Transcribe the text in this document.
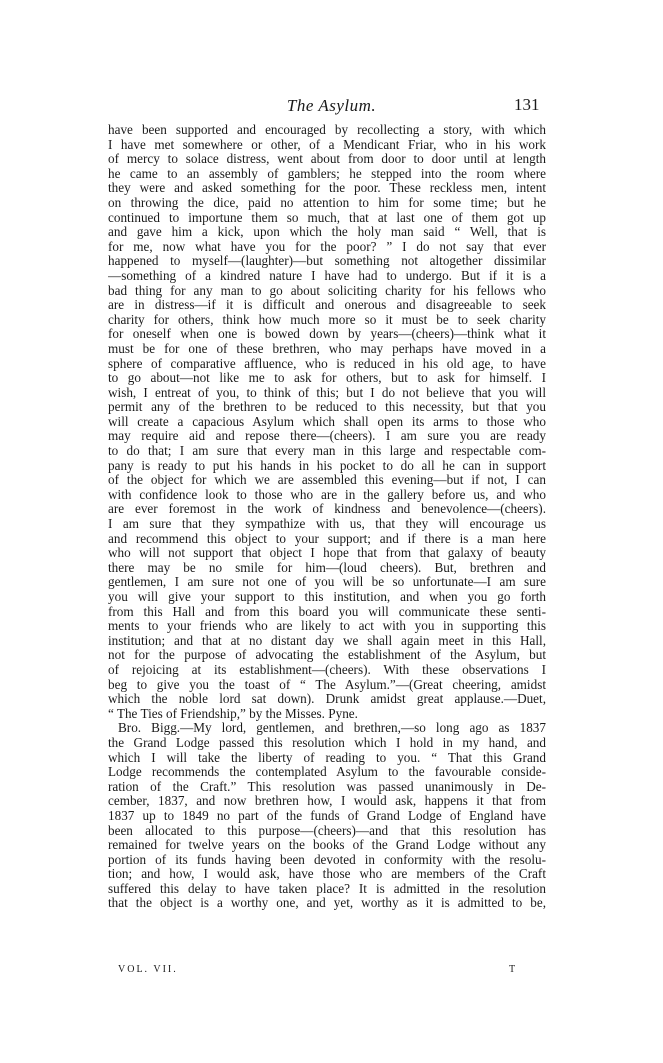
The Asylum.	131
have been supported and encouraged by recollecting a story, with which
I have met somewhere or other, of a Mendicant Friar, who in his work
of mercy to solace distress, went about from door to door until at length
he came to an assembly of gamblers; he stepped into the room where
they were and asked something for the poor. These reckless men, intent
on throwing the dice, paid no attention to him for some time; but he
continued to importune them so much, that at last one of them got up
and gave him a kick, upon which the holy man said “ Well, that is
for me, now what have you for the poor? ” I do not say that ever
happened to myself—(laughter)—but something not altogether dissimilar
—something of a kindred nature I have had to undergo. But if it is a
bad thing for any man to go about soliciting charity for his fellows who
are in distress—if it is difficult and onerous and disagreeable to seek
charity for others, think how much more so it must be to seek charity
for oneself when one is bowed down by years—(cheers)—think what it
must be for one of these brethren, who may perhaps have moved in a
sphere of comparative affluence, who is reduced in his old age, to have
to go about—not like me to ask for others, but to ask for himself. I
wish, I entreat of you, to think of this; but I do not believe that you will
permit any of the brethren to be reduced to this necessity, but that you
will create a capacious Asylum which shall open its arms to those who
may require aid and repose there—(cheers). I am sure you are ready
to do that; I am sure that every man in this large and respectable com-
pany is ready to put his hands in his pocket to do all he can in support
of the object for which we are assembled this evening—but if not, I can
with confidence look to those who are in the gallery before us, and who
are ever foremost in the work of kindness and benevolence—(cheers).
I am sure that they sympathize with us, that they will encourage us
and recommend this object to your support; and if there is a man here
who will not support that object I hope that from that galaxy of beauty
there may be no smile for him—(loud cheers). But, brethren and
gentlemen, I am sure not one of you will be so unfortunate—I am sure
you will give your support to this institution, and when you go forth
from this Hall and from this board you will communicate these senti-
ments to your friends who are likely to act with you in supporting this
institution; and that at no distant day we shall again meet in this Hall,
not for the purpose of advocating the establishment of the Asylum, but
of rejoicing at its establishment—(cheers). With these observations I
beg to give you the toast of “ The Asylum.”—(Great cheering, amidst
which the noble lord sat down). Drunk amidst great applause.—Duet,
“ The Ties of Friendship,” by the Misses. Pyne.
Bro. Bigg.—My lord, gentlemen, and brethren,—so long ago as 1837
the Grand Lodge passed this resolution which I hold in my hand, and
which I will take the liberty of reading to you. “ That this Grand
Lodge recommends the contemplated Asylum to the favourable conside-
ration of the Craft.” This resolution was passed unanimously in De-
cember, 1837, and now brethren how, I would ask, happens it that from
1837 up to 1849 no part of the funds of Grand Lodge of England have
been allocated to this purpose—(cheers)—and that this resolution has
remained for twelve years on the books of the Grand Lodge without any
portion of its funds having been devoted in conformity with the resolu-
tion; and how, I would ask, have those who are members of the Craft
suffered this delay to have taken place? It is admitted in the resolution
that the object is a worthy one, and yet, worthy as it is admitted to be,
VOL. VII.	T
